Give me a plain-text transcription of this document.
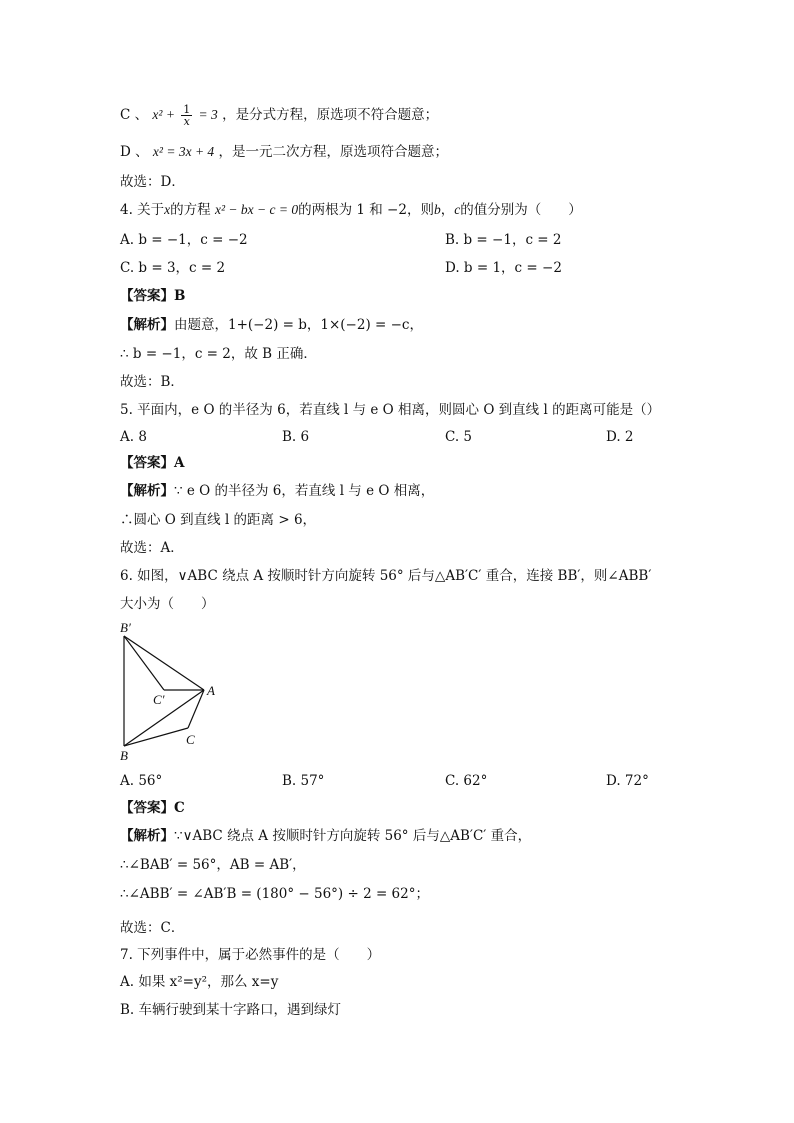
C 、 $x^2 + \frac{1}{x} = 3$ ，是分式方程，原选项不符合题意；
D 、 x² = 3x + 4 ，是一元二次方程，原选项符合题意；
故选：D．
4. 关于x的方程 x² − bx − c = 0的两根为 1 和 −2，则b，c的值分别为（　　）
A. b = −1，c = −2	B. b = −1，c = 2
C. b = 3，c = 2	D. b = 1，c = −2
【答案】B
【解析】由题意，1+(−2) = b，1×(−2) = −c，
∴ b = −1，c = 2，故 B 正确．
故选：B．
5. 平面内，e O 的半径为 6，若直线 l 与 e O 相离，则圆心 O 到直线 l 的距离可能是（）
A. 8	B. 6	C. 5	D. 2
【答案】A
【解析】∵ e O 的半径为 6，若直线 l 与 e O 相离，
∴圆心 O 到直线 l 的距离 > 6，
故选：A．
6. 如图，∨ABC 绕点 A 按顺时针方向旋转 56° 后与△AB′C′ 重合，连接 BB′，则∠ABB′
大小为（　　）
B′
C′
A
B
C
A. 56°	B. 57°	C. 62°	D. 72°
【答案】C
【解析】∵∨ABC 绕点 A 按顺时针方向旋转 56° 后与△AB′C′ 重合，
∴∠BAB′ = 56°，AB = AB′，
∴∠ABB′ = ∠AB′B = (180° − 56°) ÷ 2 = 62°；
故选：C．
7. 下列事件中，属于必然事件的是（　　）
A. 如果 x²=y²，那么 x=y
B. 车辆行驶到某十字路口，遇到绿灯
